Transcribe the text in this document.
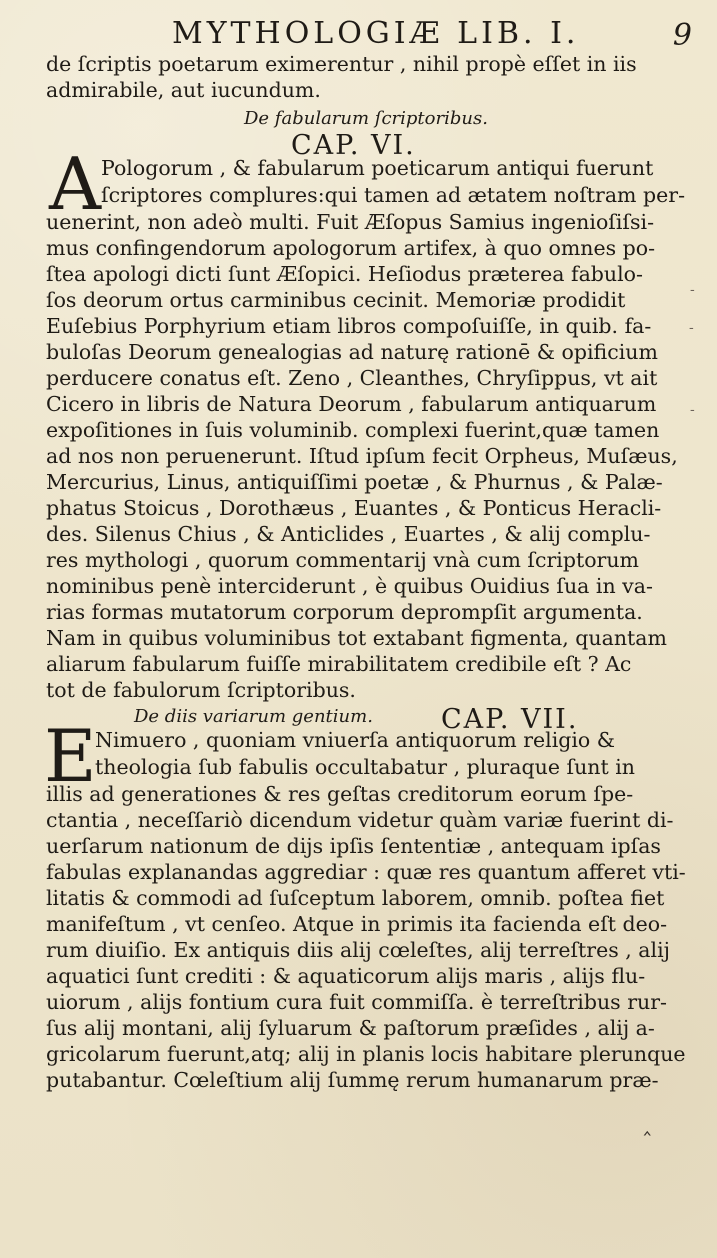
MYTHOLOGIÆ LIB. I.	9
de ſcriptis poetarum eximerentur , nihil propè eſſet in iis
admirabile, aut iucundum.
De fabularum ſcriptoribus.
CAP. VI.
A Pologorum , & fabularum poeticarum antiqui fuerunt
ſcriptores complures:qui tamen ad ætatem noſtram per-
uenerint, non adeò multi. Fuit Æſopus Samius ingenioſiſsi-
mus confingendorum apologorum artifex, à quo omnes po-
ſtea apologi dicti ſunt Æſopici. Heſiodus præterea fabulo-
ſos deorum ortus carminibus cecinit. Memoriæ prodidit
Euſebius Porphyrium etiam libros compoſuiſſe, in quib. fa-
buloſas Deorum genealogias ad naturę rationē & opificium
perducere conatus eſt. Zeno , Cleanthes, Chryſippus, vt ait
Cicero in libris de Natura Deorum , fabularum antiquarum
expoſitiones in ſuis voluminib. complexi fuerint,quæ tamen
ad nos non peruenerunt. Iſtud ipſum fecit Orpheus, Muſæus,
Mercurius, Linus, antiquiſſimi poetæ , & Phurnus , & Palæ-
phatus Stoicus , Dorothæus , Euantes , & Ponticus Heracli-
des. Silenus Chius , & Anticlides , Euartes , & alij complu-
res mythologi , quorum commentarij vnà cum ſcriptorum
nominibus penè interciderunt , è quibus Ouidius ſua in va-
rias formas mutatorum corporum deprompſit argumenta.
Nam in quibus voluminibus tot extabant figmenta, quantam
aliarum fabularum fuiſſe mirabilitatem credibile eſt ? Ac
tot de fabulorum ſcriptoribus.
De diis variarum gentium.	CAP. VII.
E
Nimuero , quoniam vniuerſa antiquorum religio &
theologia ſub fabulis occultabatur , pluraque ſunt in
illis ad generationes & res geſtas creditorum eorum ſpe-
ctantia , neceſſariò dicendum videtur quàm variæ fuerint di-
uerſarum nationum de dijs ipſis ſententiæ , antequam ipſas
fabulas explanandas aggrediar : quæ res quantum afferet vti-
litatis & commodi ad ſuſceptum laborem, omnib. poſtea fiet
manifeſtum , vt cenſeo. Atque in primis ita facienda eſt deo-
rum diuiſio. Ex antiquis diis alij cœleſtes, alij terreſtres , alij
aquatici ſunt crediti : & aquaticorum alijs maris , alijs flu-
uiorum , alijs fontium cura fuit commiſſa. è terreſtribus rur-
ſus alij montani, alij ſyluarum & paſtorum præſides , alij a-
gricolarum fuerunt,atq; alij in planis locis habitare plerunque
putabantur. Cœleſtium alij ſummę rerum humanarum præ-
-
-
-
‸
